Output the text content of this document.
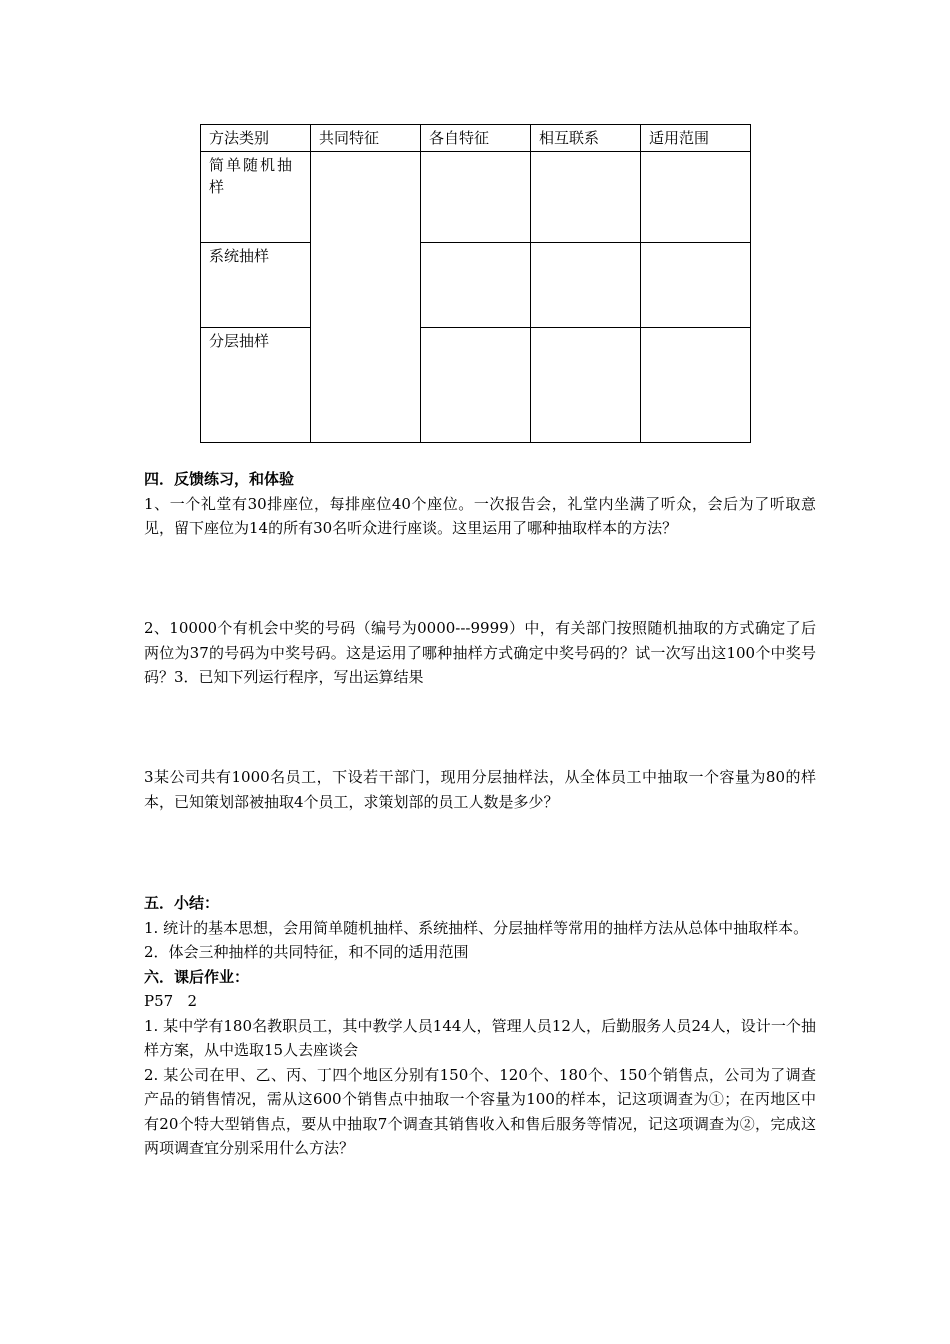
方法类别	共同特征	各自特征	相互联系	适用范围
简单随机抽样				
系统抽样				
分层抽样				

四．反馈练习，和体验

1、一个礼堂有30排座位，每排座位40个座位。一次报告会，礼堂内坐满了听众，会后为了听取意见，留下座位为14的所有30名听众进行座谈。这里运用了哪种抽取样本的方法？

2、10000个有机会中奖的号码（编号为0000---9999）中，有关部门按照随机抽取的方式确定了后两位为37的号码为中奖号码。这是运用了哪种抽样方式确定中奖号码的？试一次写出这100个中奖号码？3．已知下列运行程序，写出运算结果

3某公司共有1000名员工，下设若干部门，现用分层抽样法，从全体员工中抽取一个容量为80的样本，已知策划部被抽取4个员工，求策划部的员工人数是多少？

五．小结：

1. 统计的基本思想，会用简单随机抽样、系统抽样、分层抽样等常用的抽样方法从总体中抽取样本。

2．体会三种抽样的共同特征，和不同的适用范围

六．课后作业：

P57   2

1. 某中学有180名教职员工，其中教学人员144人，管理人员12人，后勤服务人员24人，设计一个抽样方案，从中选取15人去座谈会

2. 某公司在甲、乙、丙、丁四个地区分别有150个、120个、180个、150个销售点，公司为了调查产品的销售情况，需从这600个销售点中抽取一个容量为100的样本，记这项调查为①；在丙地区中有20个特大型销售点，要从中抽取7个调查其销售收入和售后服务等情况，记这项调查为②，完成这两项调查宜分别采用什么方法？
